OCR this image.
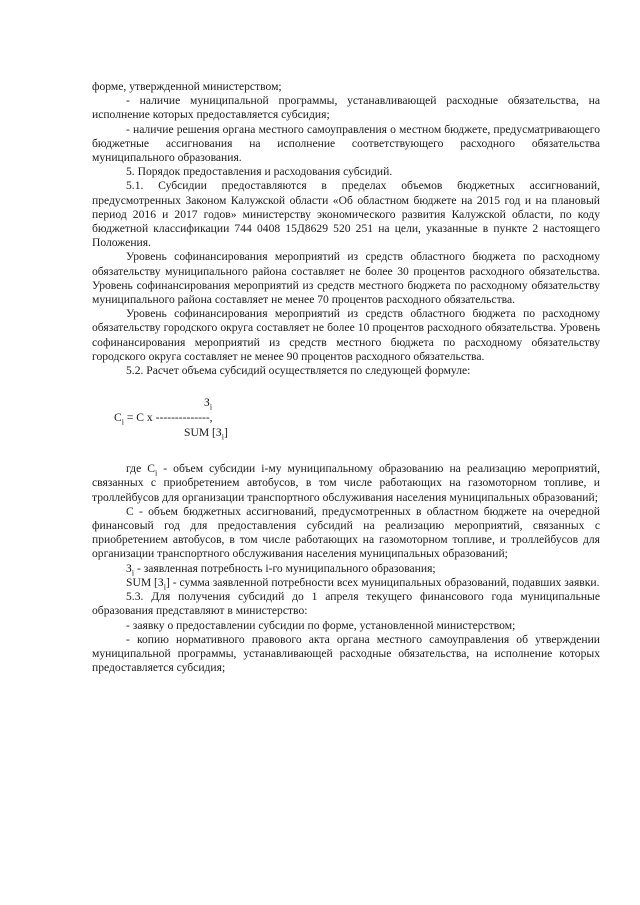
форме, утвержденной министерством;

- наличие муниципальной программы, устанавливающей расходные обязательства, на исполнение которых предоставляется субсидия;

- наличие решения органа местного самоуправления о местном бюджете, предусматривающего бюджетные ассигнования на исполнение соответствующего расходного обязательства муниципального образования.

5. Порядок предоставления и расходования субсидий.

5.1. Субсидии предоставляются в пределах объемов бюджетных ассигнований, предусмотренных Законом Калужской области «Об областном бюджете на 2015 год и на плановый период 2016 и 2017 годов» министерству экономического развития Калужской области, по коду бюджетной классификации 744 0408 15Д8629 520 251 на цели, указанные в пункте 2 настоящего Положения.

Уровень софинансирования мероприятий из средств областного бюджета по расходному обязательству муниципального района составляет не более 30 процентов расходного обязательства. Уровень софинансирования мероприятий из средств местного бюджета по расходному обязательству муниципального района составляет не менее 70 процентов расходного обязательства.

Уровень софинансирования мероприятий из средств областного бюджета по расходному обязательству городского округа составляет не более 10 процентов расходного обязательства. Уровень софинансирования мероприятий из средств местного бюджета по расходному обязательству городского округа составляет не менее 90 процентов расходного обязательства.

5.2. Расчет объема субсидий осуществляется по следующей формуле:

$З_i$
$C_i = C$ x --------------,
SUM $[З_i]$

где $C_i$ - объем субсидии i-му муниципальному образованию на реализацию мероприятий, связанных с приобретением автобусов, в том числе работающих на газомоторном топливе, и троллейбусов для организации транспортного обслуживания населения муниципальных образований;

C - объем бюджетных ассигнований, предусмотренных в областном бюджете на очередной финансовый год для предоставления субсидий на реализацию мероприятий, связанных с приобретением автобусов, в том числе работающих на газомоторном топливе, и троллейбусов для организации транспортного обслуживания населения муниципальных образований;

$З_i$ - заявленная потребность i-го муниципального образования;

SUM $[З_i]$ - сумма заявленной потребности всех муниципальных образований, подавших заявки.

5.3. Для получения субсидий до 1 апреля текущего финансового года муниципальные образования представляют в министерство:

- заявку о предоставлении субсидии по форме, установленной министерством;

- копию нормативного правового акта органа местного самоуправления об утверждении муниципальной программы, устанавливающей расходные обязательства, на исполнение которых предоставляется субсидия;
